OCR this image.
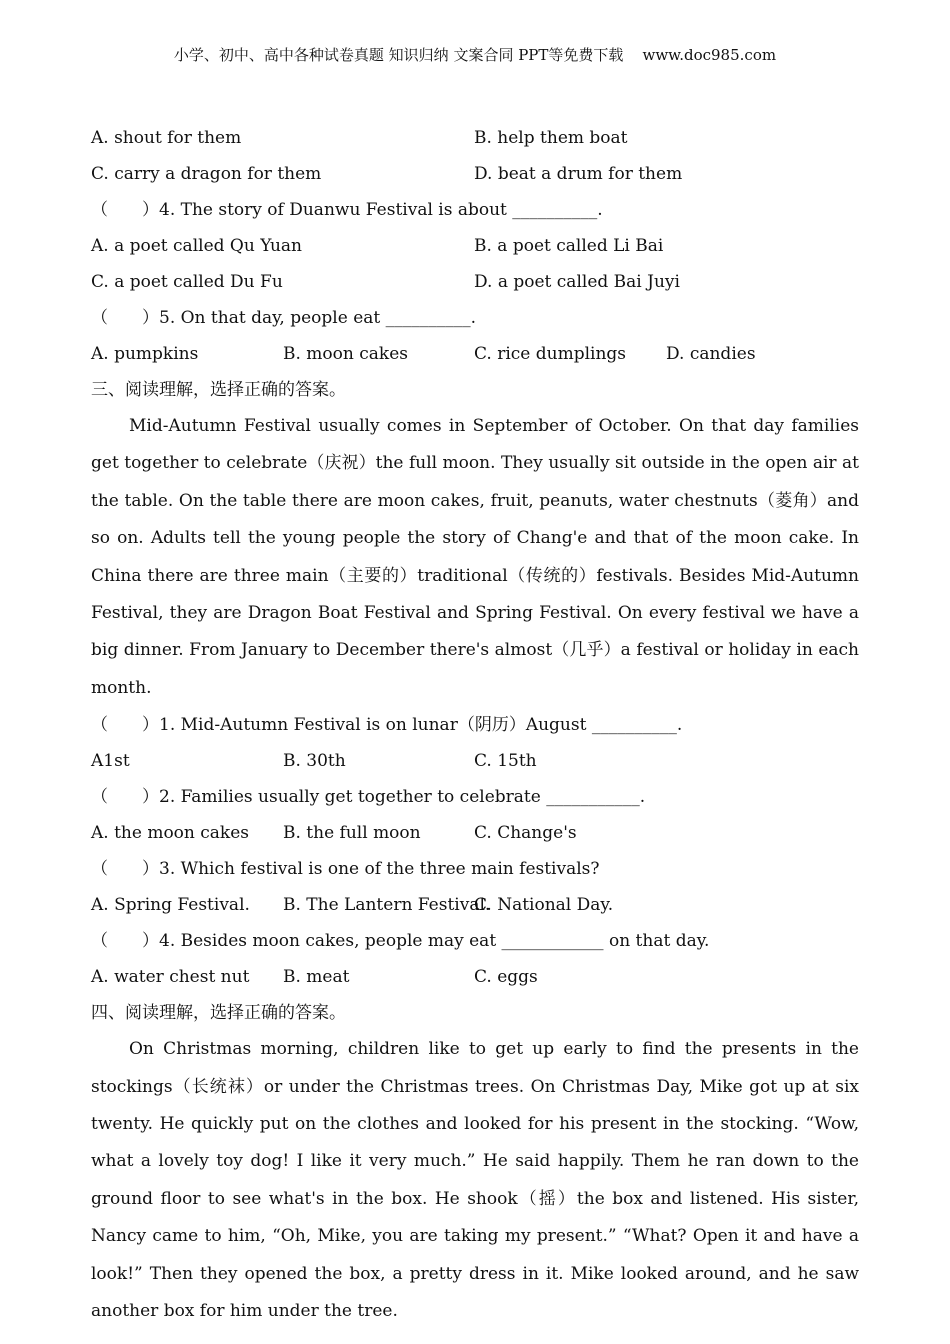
小学、初中、高中各种试卷真题 知识归纳 文案合同 PPT等免费下载    www.doc985.com
A. shout for them	B. help them boat
C. carry a dragon for them	D. beat a drum for them
（　　）4. The story of Duanwu Festival is about __________.
A. a poet called Qu Yuan	B. a poet called Li Bai
C. a poet called Du Fu	D. a poet called Bai Juyi
（　　）5. On that day, people eat __________.
A. pumpkins	B. moon cakes	C. rice dumplings D. candies
三、阅读理解，选择正确的答案。

Mid-Autumn Festival usually comes in September of October. On that day families get together to celebrate（庆祝）the full moon. They usually sit outside in the open air at the table. On the table there are moon cakes, fruit, peanuts, water chestnuts（菱角）and so on. Adults tell the young people the story of Chang'e and that of the moon cake. In China there are three main（主要的）traditional（传统的）festivals. Besides Mid-Autumn Festival, they are Dragon Boat Festival and Spring Festival. On every festival we have a big dinner. From January to December there's almost（几乎）a festival or holiday in each month.

（　　）1. Mid-Autumn Festival is on lunar（阴历）August __________.
A1st	B. 30th	C. 15th
（　　）2. Families usually get together to celebrate ___________.
A. the moon cakes B. the full moon	C. Change's
（　　）3. Which festival is one of the three main festivals?
A. Spring Festival. B. The Lantern Festival.
C. National Day.
（　　）4. Besides moon cakes, people may eat ____________ on that day.
A. water chest nut B. meat	C. eggs
四、阅读理解，选择正确的答案。

On Christmas morning, children like to get up early to find the presents in the stockings（长统袜）or under the Christmas trees. On Christmas Day, Mike got up at six twenty. He quickly put on the clothes and looked for his present in the stocking. “Wow, what a lovely toy dog! I like it very much.” He said happily. Them he ran down to the ground floor to see what's in the box. He shook（摇）the box and listened. His sister, Nancy came to him, “Oh, Mike, you are taking my present.” “What? Open it and have a look!” Then they opened the box, a pretty dress in it. Mike looked around, and he saw another box for him under the tree.
